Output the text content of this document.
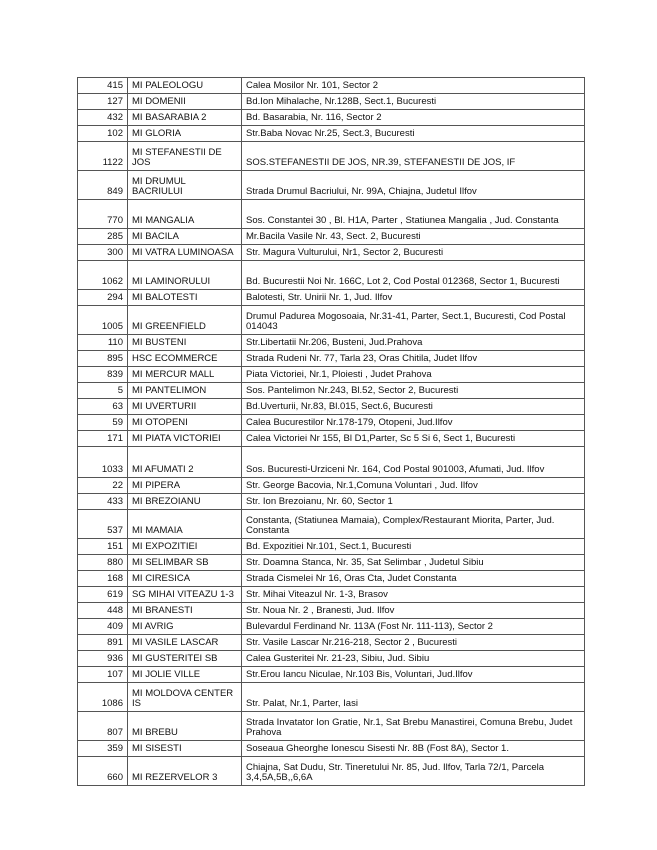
415	MI PALEOLOGU	Calea Mosilor Nr. 101, Sector 2
127	MI DOMENII	Bd.Ion Mihalache, Nr.128B, Sect.1, Bucuresti
432	MI BASARABIA 2	Bd. Basarabia, Nr. 116, Sector 2
102	MI GLORIA	Str.Baba Novac Nr.25, Sect.3, Bucuresti
1122	MI STEFANESTII DE JOS	SOS.STEFANESTII DE JOS, NR.39, STEFANESTII DE JOS, IF
849	MI DRUMUL BACRIULUI	Strada Drumul Bacriului, Nr. 99A, Chiajna, Judetul Ilfov
770	MI MANGALIA	Sos. Constantei 30 , Bl. H1A, Parter , Statiunea Mangalia , Jud. Constanta
285	MI BACILA	Mr.Bacila Vasile Nr. 43, Sect. 2, Bucuresti
300	MI VATRA LUMINOASA	Str. Magura Vulturului, Nr1, Sector 2, Bucuresti
1062	MI LAMINORULUI	Bd. Bucurestii Noi Nr. 166C, Lot 2, Cod Postal 012368, Sector 1, Bucuresti
294	MI BALOTESTI	Balotesti, Str. Unirii Nr. 1, Jud. Ilfov
1005	MI GREENFIELD	Drumul Padurea Mogosoaia, Nr.31-41, Parter, Sect.1, Bucuresti, Cod Postal 014043
110	MI BUSTENI	Str.Libertatii Nr.206, Busteni, Jud.Prahova
895	HSC ECOMMERCE	Strada Rudeni Nr. 77, Tarla 23, Oras Chitila, Judet Ilfov
839	MI MERCUR MALL	Piata Victoriei, Nr.1, Ploiesti , Judet Prahova
5	MI PANTELIMON	Sos. Pantelimon Nr.243, Bl.52, Sector 2, Bucuresti
63	MI UVERTURII	Bd.Uverturii, Nr.83, Bl.015, Sect.6, Bucuresti
59	MI OTOPENI	Calea Bucurestilor Nr.178-179, Otopeni, Jud.Ilfov
171	MI PIATA VICTORIEI	Calea Victoriei Nr 155, Bl D1,Parter, Sc 5 Si 6, Sect 1, Bucuresti
1033	MI AFUMATI 2	Sos. Bucuresti-Urziceni Nr. 164, Cod Postal 901003, Afumati, Jud. Ilfov
22	MI PIPERA	Str. George Bacovia, Nr.1,Comuna Voluntari , Jud. Ilfov
433	MI BREZOIANU	Str. Ion Brezoianu, Nr. 60, Sector 1
537	MI MAMAIA	Constanta, (Statiunea Mamaia), Complex/Restaurant Miorita, Parter, Jud. Constanta
151	MI EXPOZITIEI	Bd. Expozitiei Nr.101, Sect.1, Bucuresti
880	MI SELIMBAR SB	Str. Doamna Stanca, Nr. 35, Sat Selimbar , Judetul Sibiu
168	MI CIRESICA	Strada Cismelei Nr 16, Oras Cta, Judet Constanta
619	SG MIHAI VITEAZU 1-3	Str. Mihai Viteazul Nr. 1-3, Brasov
448	MI BRANESTI	Str. Noua Nr. 2 , Branesti, Jud. Ilfov
409	MI AVRIG	Bulevardul Ferdinand Nr. 113A (Fost Nr. 111-113), Sector 2
891	MI VASILE LASCAR	Str. Vasile Lascar Nr.216-218, Sector 2 , Bucuresti
936	MI GUSTERITEI SB	Calea Gusteritei Nr. 21-23, Sibiu, Jud. Sibiu
107	MI JOLIE VILLE	Str.Erou Iancu Niculae, Nr.103 Bis, Voluntari, Jud.Ilfov
1086	MI MOLDOVA CENTER IS	Str. Palat, Nr.1, Parter, Iasi
807	MI BREBU	Strada Invatator Ion Gratie, Nr.1, Sat Brebu Manastirei, Comuna Brebu, Judet Prahova
359	MI SISESTI	Soseaua Gheorghe Ionescu Sisesti Nr. 8B (Fost 8A), Sector 1.
660	MI REZERVELOR 3	Chiajna, Sat Dudu, Str. Tineretului Nr. 85, Jud. Ilfov, Tarla 72/1, Parcela 3,4,5A,5B,,6,6A
